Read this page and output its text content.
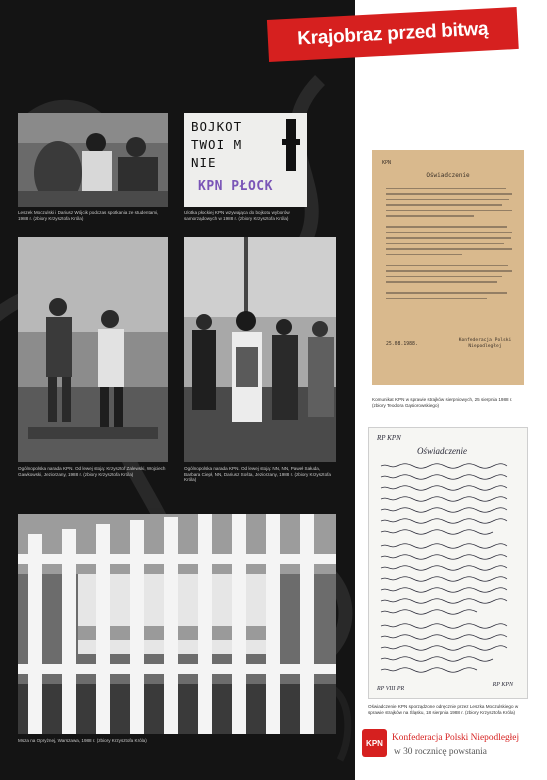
Krajobraz przed bitwą
Leszek Moczulski i Dariusz Wójcik podczas spotkania ze studentami, 1988 r. (zbiory Krzysztofa Króla)
BOJKOT
TWOI M
NIE
KPN PŁOCK
Ulotka płockiej KPN wzywająca do bojkotu wyborów samorządowych w 1988 r. (zbiory Krzysztofa Króla)
Ogólnopolska narada KPN. Od lewej stoją: Krzysztof Zalewski, Wojciech Gawkowski, Jeziorzany, 1988 r. (zbiory Krzysztofa Króla)
Ogólnopolska narada KPN. Od lewej stoją: NN, NN, Paweł Sałuda, Barbara Ciepł, NN, Dariusz Sośta, Jeziorzany, 1988 r. (zbiory Krzysztofa Króla)
Msza na Opryżnej, Warszawa, 1988 r. (zbiory Krzysztofa Króla)
KPN
Oświadczenie
Konfederacja Polski Niepodległej
25.08.1988.
Komunikat KPN w sprawie strajków sierpniowych, 25 sierpnia 1988 r. (zbiory Teodora Gąsiorowskiego)
RP KPN
Oświadczenie
RP VIII PR
RP KPN
Oświadczenie KPN sporządzone odręcznie przez Leszka Moczulskiego w sprawie strajków na Śląsku, 18 sierpnia 1988 r. (zbiory Krzysztofa Króla)
KPN Konfederacja Polski Niepodległej
w 30 rocznicę powstania
